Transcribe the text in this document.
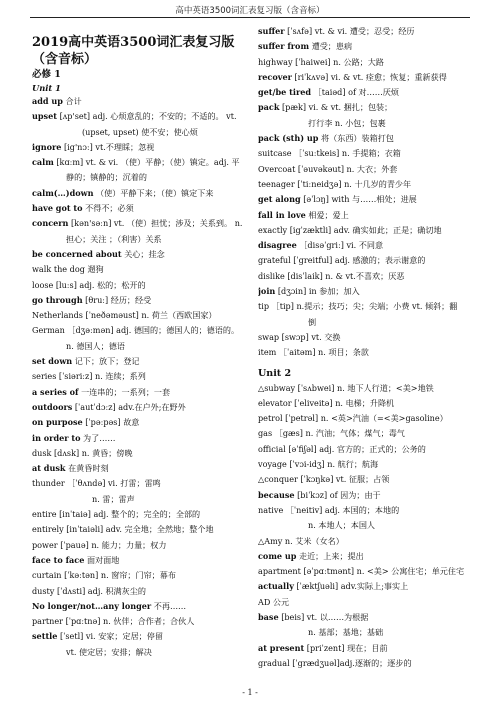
高中英语3500词汇表复习版（含音标）
2019高中英语3500词汇表复习版（含音标）
必修 1
Unit 1
add up 合计
upset [ʌp'set] adj. 心烦意乱的；不安的；不适的。 vt.
(upset, upset) 使不安；使心烦
ignore [ig'nɔː] vt.不理睬；忽视
calm [kɑːm] vt. & vi. （使）平静；（使）镇定。adj. 平
静的；镇静的；沉着的
calm(…)down （使）平静下来；（使）镇定下来
have got to 不得不；必须
concern [kən'səːn] vt. （使）担忧；涉及；关系到。 n.
担心；关注 ；（利害）关系
be concerned about 关心；挂念
walk the dog 遛狗
loose [luːs] adj. 松的；松开的
go through [θruː] 经历；经受
Netherlands [ˈneðəməust] n. 荷兰（西欧国家）
German ［dʒəːmən] adj. 德国的；德国人的；德语的。
n. 德国人；德语
set down 记下；放下；登记
series [ˈsiəriːz] n. 连续；系列
a series of 一连串的；一系列；一套
outdoors [ˈautˈdɔːz] adv.在户外;在野外
on purpose [ˈpəːpəs] 故意
in order to 为了……
dusk [dʌsk] n. 黄昏；傍晚
at dusk 在黄昏时刻
thunder ［ˈθʌndə] vi. 打雷；雷鸣
n. 雷；雷声
entire [inˈtaiə] adj. 整个的；完全的；全部的
entirely [inˈtaiəli] adv. 完全地；全然地；整个地
power [ˈpauə] n. 能力；力量；权力
face to face 面对面地
curtain [ˈkəːtən] n. 窗帘；门帘；幕布
dusty [ˈdʌsti] adj. 积满灰尘的
No longer/not…any longer 不再……
partner [ˈpɑːtnə] n. 伙伴；合作者；合伙人
settle [ˈsetl] vi. 安家；定居；停留
vt. 使定居；安排；解决
suffer [ˈsʌfə] vt. & vi. 遭受；忍受；经历
suffer from 遭受；患病
highway [ˈhaiwei] n. 公路；大路
recover [riˈkʌvə] vi. & vt. 痊愈；恢复；重新获得
get/be tired ［taiəd] of 对……厌烦
pack [pæk] vi. & vt. 捆扎；包装；
打行李 n. 小包；包裹
pack (sth) up 将（东西）装箱打包
suitcase ［ˈsuːtkeis] n. 手提箱；衣箱
Overcoat [ˈəuvəkəut] n. 大衣；外套
teenager [ˈtiːneidʒə] n. 十几岁的青少年
get along [əˈlɔŋ] with 与……相处；进展
fall in love 相爱；爱上
exactly [igˈzæktli] adv. 确实如此；正是；确切地
disagree ［disəˈgriː] vi. 不同意
grateful [ˈgreitful] adj. 感激的；表示谢意的
dislike [disˈlaik] n. & vt.不喜欢；厌恶
join [dʒɔin] in 参加；加入
tip ［tip] n.提示；技巧；尖；尖端；小费 vt. 倾斜；翻
倒
swap [swɔp] vt. 交换
item ［ˈaitəm] n. 项目；条款
Unit 2
△subway [ˈsʌbwei] n. 地下人行道；<美>地铁
elevator [ˈeliveitə] n. 电梯；升降机
petrol [ˈpetrəl] n. <英>汽油（=<美>gasoline）
gas ［gæs] n. 汽油；气体；煤气；毒气
official [əˈfiʃəl] adj. 官方的；正式的；公务的
voyage [ˈvɔi-idʒ] n. 航行；航海
△conquer [ˈkɔŋkə] vt. 征服；占领
because [biˈkɔz] of 因为；由于
native ［ˈneitiv] adj. 本国的；本地的
n. 本地人；本国人
△Amy n. 艾米（女名）
come up 走近；上来；提出
apartment [əˈpɑːtmənt] n. <美> 公寓住宅；单元住宅
actually [ˈæktʃuəli] adv.实际上;事实上
AD 公元
base [beis] vt. 以……为根据
n. 基部；基地；基础
at present [priˈzent] 现在；目前
gradual [ˈgrædʒuəl]adj.逐渐的；逐步的
- 1 -
